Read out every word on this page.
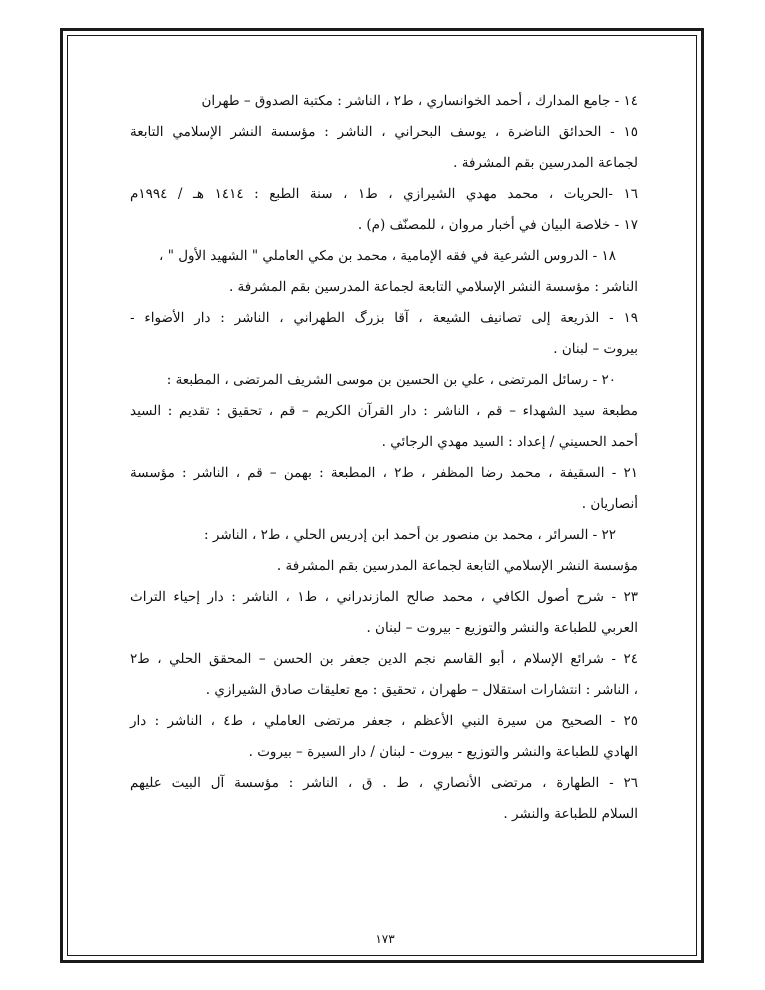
١٤ - جامع المدارك ، أحمد الخوانساري ، ط٢ ، الناشر : مكتبة الصدوق – طهران
١٥ - الحدائق الناضرة ، يوسف البحراني ، الناشر : مؤسسة النشر الإسلامي التابعة
لجماعة المدرسين بقم المشرفة .
١٦ -الحريات ، محمد مهدي الشيرازي ، ط١ ، سنة الطبع : ١٤١٤ هـ / ١٩٩٤م
١٧ - خلاصة البيان في أخبار مروان ، للمصنّف (م) .
١٨ - الدروس الشرعية في فقه الإمامية ، محمد بن مكي العاملي " الشهيد الأول " ،
الناشر : مؤسسة النشر الإسلامي التابعة لجماعة المدرسين بقم المشرفة .
١٩ - الذريعة إلى تصانيف الشيعة ، آقا بزرگ الطهراني ، الناشر : دار الأضواء -
بيروت – لبنان .
٢٠ - رسائل المرتضى ، علي بن الحسين بن موسى الشريف المرتضى ، المطبعة :
مطبعة سيد الشهداء – قم ، الناشر : دار القرآن الكريم – قم ، تحقيق : تقديم : السيد
أحمد الحسيني / إعداد : السيد مهدي الرجائي .
٢١ - السقيفة ، محمد رضا المظفر ، ط٢ ، المطبعة : بهمن – قم ، الناشر : مؤسسة
أنصاريان .
٢٢ - السرائر ، محمد بن منصور بن أحمد ابن إدريس الحلي ، ط٢ ، الناشر :
مؤسسة النشر الإسلامي التابعة لجماعة المدرسين بقم المشرفة .
٢٣ - شرح أصول الكافي ، محمد صالح المازندراني ، ط١ ، الناشر : دار إحياء التراث
العربي للطباعة والنشر والتوزيع - بيروت – لبنان .
٢٤ - شرائع الإسلام ، أبو القاسم نجم الدين جعفر بن الحسن – المحقق الحلي ، ط٢
، الناشر : انتشارات استقلال – طهران ، تحقيق : مع تعليقات صادق الشيرازي .
٢٥ - الصحيح من سيرة النبي الأعظم ، جعفر مرتضى العاملي ، ط٤ ، الناشر : دار
الهادي للطباعة والنشر والتوزيع - بيروت - لبنان / دار السيرة – بيروت .
٢٦ - الطهارة ، مرتضى الأنصاري ، ط . ق ، الناشر : مؤسسة آل البيت عليهم
السلام للطباعة والنشر .
١٧٣
